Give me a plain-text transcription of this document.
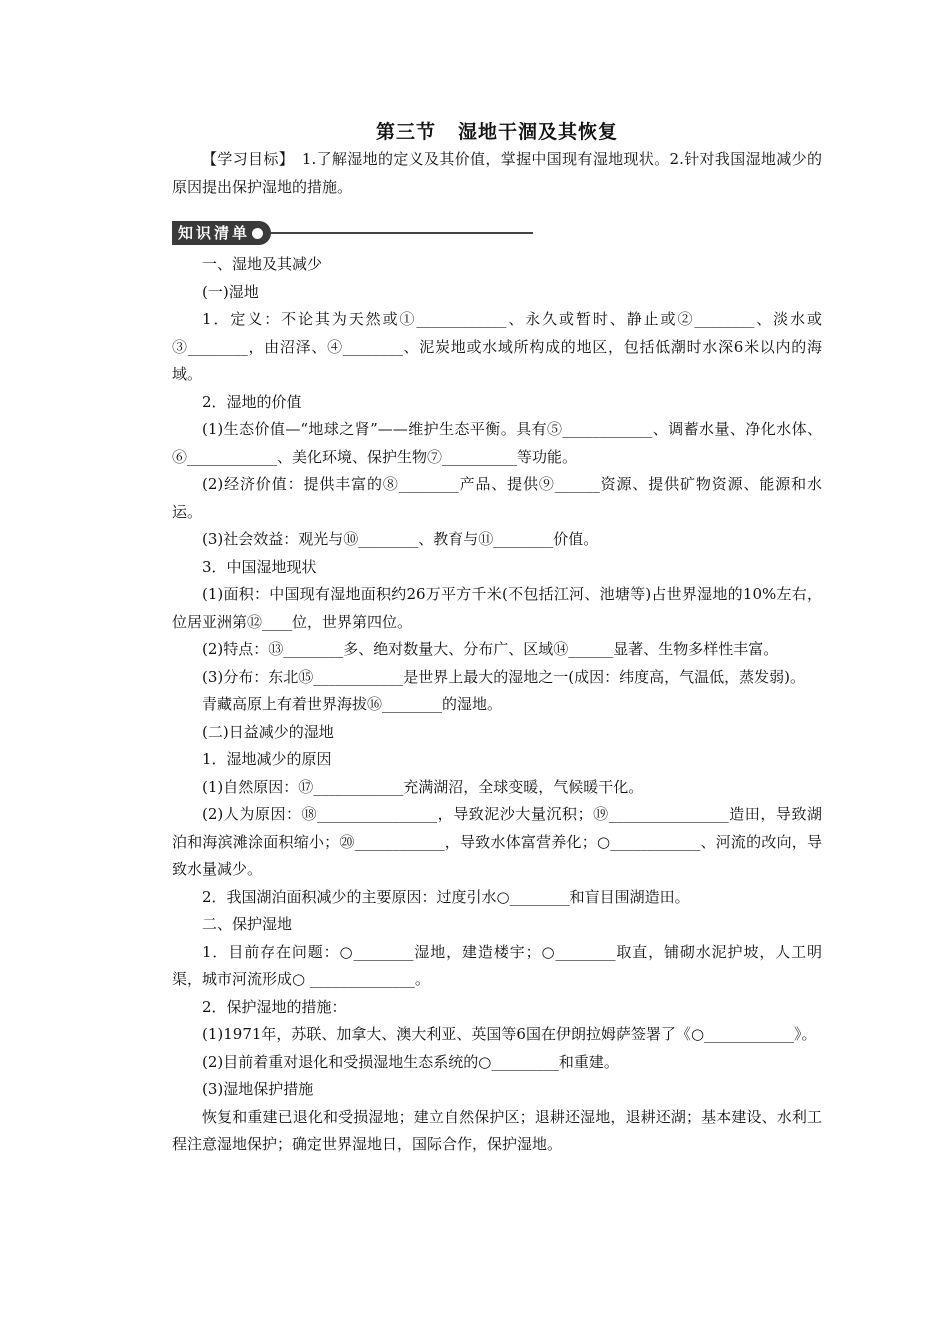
第三节 湿地干涸及其恢复

【学习目标】　1.了解湿地的定义及其价值，掌握中国现有湿地现状。2.针对我国湿地减少的原因提出保护湿地的措施。

知识清单

一、湿地及其减少

(一)湿地

1．定义：不论其为天然或①____________、永久或暂时、静止或②________、淡水或③________，由沼泽、④________、泥炭地或水域所构成的地区，包括低潮时水深6米以内的海域。

2．湿地的价值

(1)生态价值—“地球之肾”——维护生态平衡。具有⑤____________、调蓄水量、净化水体、⑥____________、美化环境、保护生物⑦__________等功能。

(2)经济价值：提供丰富的⑧________产品、提供⑨______资源、提供矿物资源、能源和水运。

(3)社会效益：观光与⑩________、教育与⑪________价值。

3．中国湿地现状

(1)面积：中国现有湿地面积约26万平方千米(不包括江河、池塘等)占世界湿地的10%左右，位居亚洲第⑫____位，世界第四位。

(2)特点：⑬________多、绝对数量大、分布广、区域⑭______显著、生物多样性丰富。

(3)分布：东北⑮____________是世界上最大的湿地之一(成因：纬度高，气温低，蒸发弱)。

青藏高原上有着世界海拔⑯________的湿地。

(二)日益减少的湿地

1．湿地减少的原因

(1)自然原因：⑰____________充满湖沼，全球变暖，气候暖干化。

(2)人为原因：⑱________________，导致泥沙大量沉积；⑲________________造田，导致湖泊和海滨滩涂面积缩小；⑳____________，导致水体富营养化；○____________、河流的改向，导致水量减少。

2．我国湖泊面积减少的主要原因：过度引水○________和盲目围湖造田。

二、保护湿地

1．目前存在问题：○________湿地，建造楼宇；○________取直，铺砌水泥护坡，人工明渠，城市河流形成○ ______________。

2．保护湿地的措施：

(1)1971年，苏联、加拿大、澳大利亚、英国等6国在伊朗拉姆萨签署了《○____________》。

(2)目前着重对退化和受损湿地生态系统的○_________和重建。

(3)湿地保护措施

恢复和重建已退化和受损湿地；建立自然保护区；退耕还湿地，退耕还湖；基本建设、水利工程注意湿地保护；确定世界湿地日，国际合作，保护湿地。
